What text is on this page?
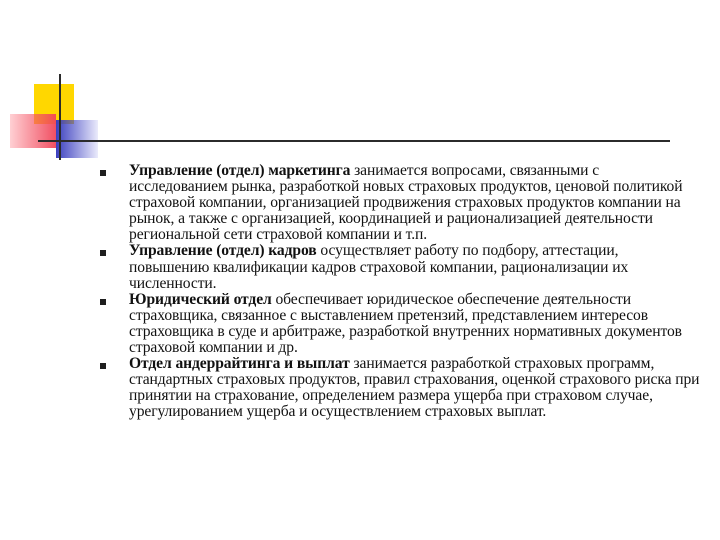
Управление (отдел) маркетинга занимается вопросами, связанными с исследованием рынка, разработкой новых страховых продуктов, ценовой политикой страховой компании, организацией продвижения страховых продуктов компании на рынок, а также с организацией, координацией и рационализацией деятельности региональной сети страховой компании и т.п.
Управление (отдел) кадров осуществляет работу по подбору, аттестации, повышению квалификации кадров страховой компании, рационализации их численности.
Юридический отдел обеспечивает юридическое обеспечение деятельности страховщика, связанное с выставлением претензий, представлением интересов страховщика в суде и арбитраже, разработкой внутренних нормативных документов страховой компании и др.
Отдел андеррайтинга и выплат занимается разработкой страховых программ, стандартных страховых продуктов, правил страхования, оценкой страхового риска при принятии на страхование, определением размера ущерба при страховом случае, урегулированием ущерба и осуществлением страховых выплат.
